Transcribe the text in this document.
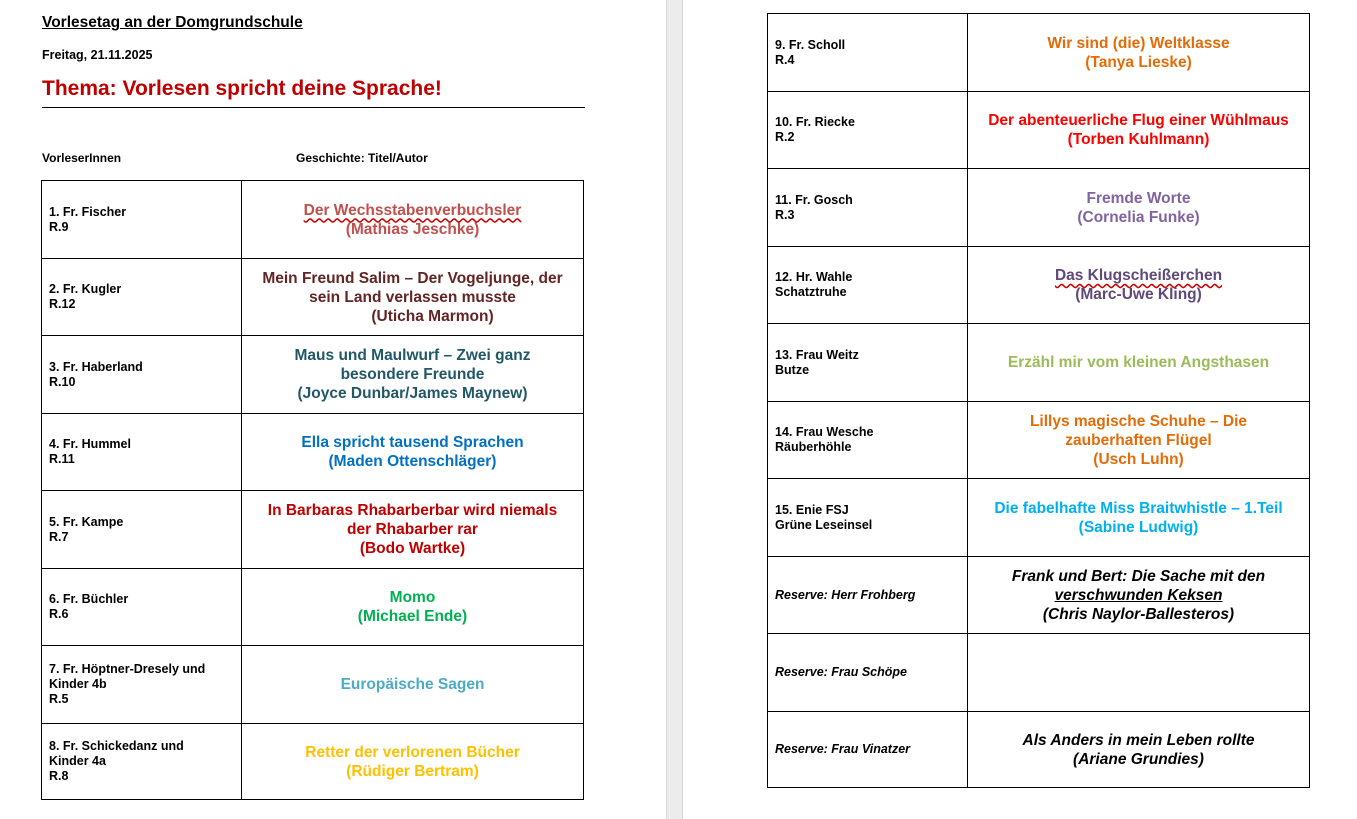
Vorlesetag an der Domgrundschule
Freitag, 21.11.2025
Thema: Vorlesen spricht deine Sprache!
VorleserInnen	Geschichte: Titel/Autor
1. Fr. Fischer
R.9	Der Wechsstabenverbuchsler
(Mathias Jeschke)

2. Fr. Kugler
R.12	Mein Freund Salim – Der Vogeljunge, der
sein Land verlassen musste
(Uticha Marmon)

3. Fr. Haberland
R.10	Maus und Maulwurf – Zwei ganz
besondere Freunde
(Joyce Dunbar/James Maynew)

4. Fr. Hummel
R.11	Ella spricht tausend Sprachen
(Maden Ottenschläger)

5. Fr. Kampe
R.7	In Barbaras Rhabarberbar wird niemals
der Rhabarber rar
(Bodo Wartke)

6. Fr. Büchler
R.6	Momo
(Michael Ende)

7. Fr. Höptner-Dresely und
Kinder 4b
R.5	Europäische Sagen

8. Fr. Schickedanz und
Kinder 4a
R.8	Retter der verlorenen Bücher
(Rüdiger Bertram)
9. Fr. Scholl
R.4	Wir sind (die) Weltklasse
(Tanya Lieske)

10. Fr. Riecke
R.2	Der abenteuerliche Flug einer Wühlmaus
(Torben Kuhlmann)

11. Fr. Gosch
R.3	Fremde Worte
(Cornelia Funke)

12. Hr. Wahle
Schatztruhe	Das Klugscheißerchen
(Marc-Uwe Kling)

13. Frau Weitz
Butze	Erzähl mir vom kleinen Angsthasen

14. Frau Wesche
Räuberhöhle	Lillys magische Schuhe – Die
zauberhaften Flügel
(Usch Luhn)

15. Enie FSJ
Grüne Leseinsel	Die fabelhafte Miss Braitwhistle – 1.Teil
(Sabine Ludwig)

Reserve: Herr Frohberg	Frank und Bert: Die Sache mit den
verschwunden Keksen
(Chris Naylor-Ballesteros)

Reserve: Frau Schöpe	

Reserve: Frau Vinatzer	Als Anders in mein Leben rollte
(Ariane Grundies)
